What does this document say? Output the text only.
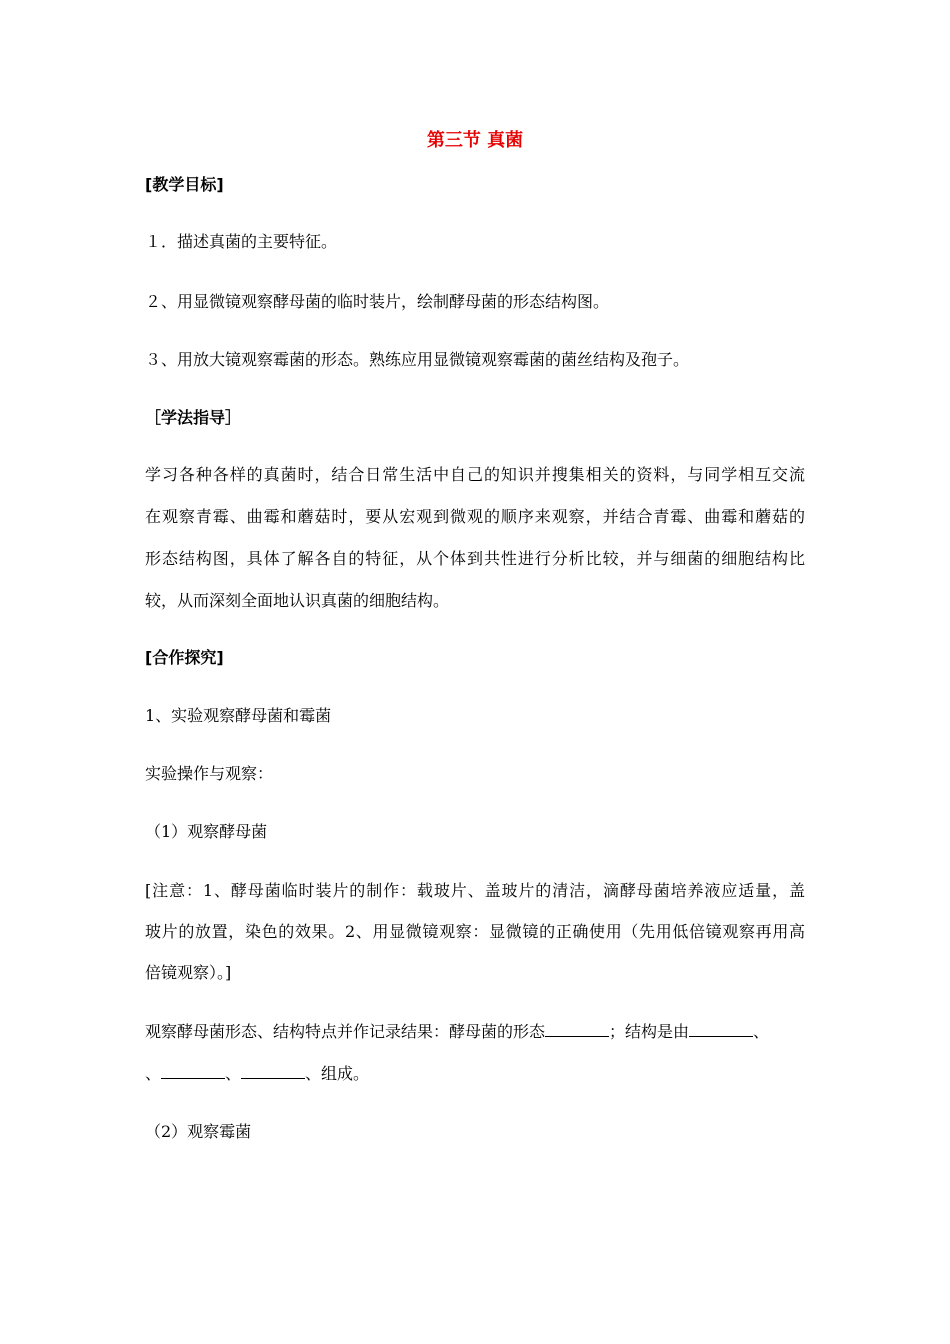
第三节 真菌

[教学目标]

１．描述真菌的主要特征。

２、用显微镜观察酵母菌的临时装片，绘制酵母菌的形态结构图。

３、用放大镜观察霉菌的形态。熟练应用显微镜观察霉菌的菌丝结构及孢子。

［学法指导］

学习各种各样的真菌时，结合日常生活中自己的知识并搜集相关的资料，与同学相互交流

在观察青霉、曲霉和蘑菇时，要从宏观到微观的顺序来观察，并结合青霉、曲霉和蘑菇的

形态结构图，具体了解各自的特征，从个体到共性进行分析比较，并与细菌的细胞结构比

较，从而深刻全面地认识真菌的细胞结构。

[合作探究]

1、实验观察酵母菌和霉菌

实验操作与观察：

（1）观察酵母菌

[注意：1、酵母菌临时装片的制作：载玻片、盖玻片的清洁，滴酵母菌培养液应适量，盖

玻片的放置，染色的效果。2、用显微镜观察：显微镜的正确使用（先用低倍镜观察再用高

倍镜观察）。]

观察酵母菌形态、结构特点并作记录结果：酵母菌的形态	；结构是由	、

、	、	、组成。

（2）观察霉菌
